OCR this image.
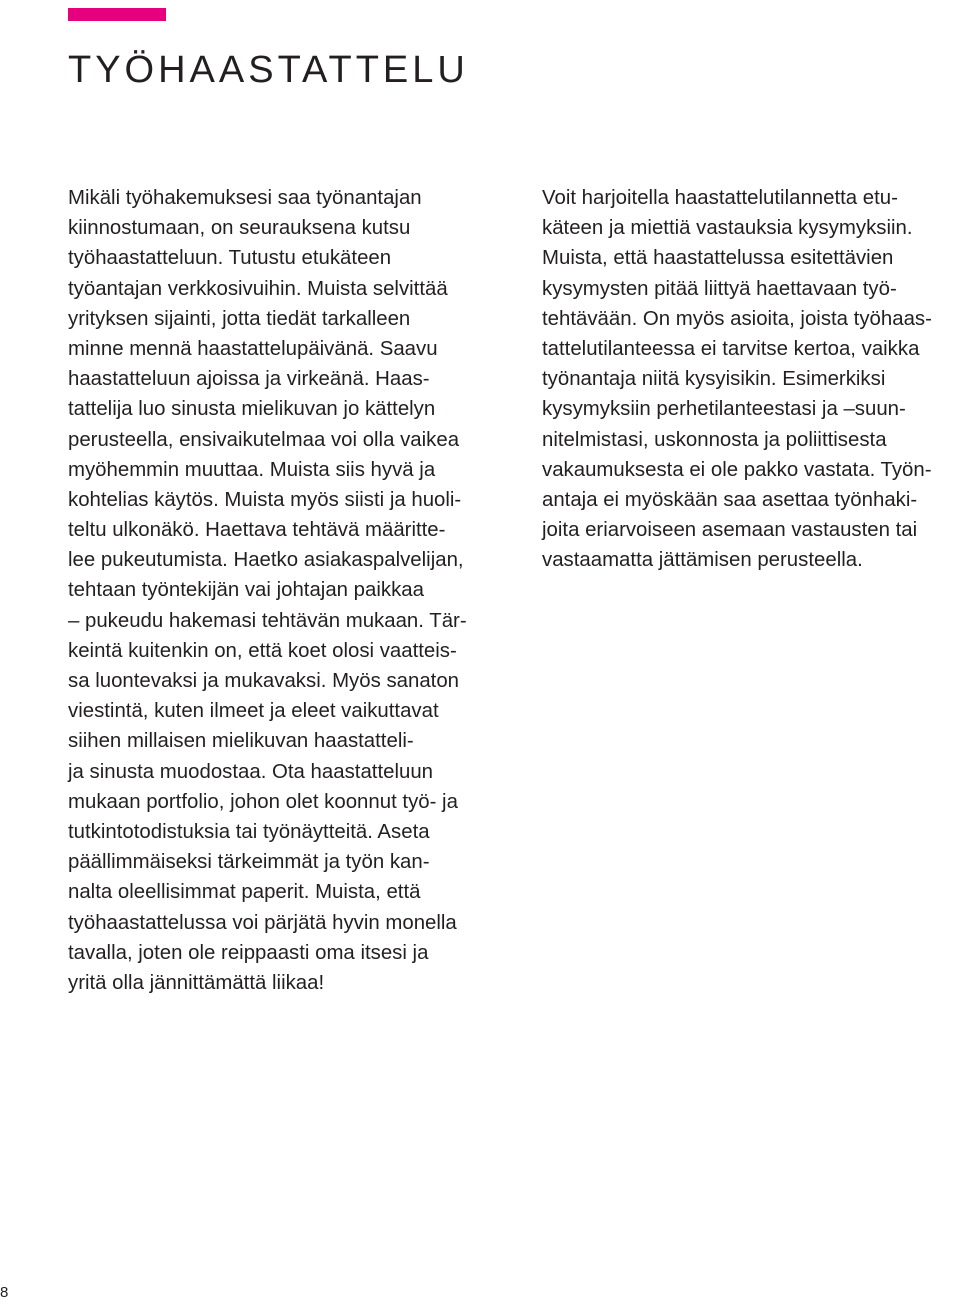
TYÖHAASTATTELU
Mikäli työhakemuksesi saa työnantajan
kiinnostumaan, on seurauksena kutsu
työhaastatteluun. Tutustu etukäteen
työantajan verkkosivuihin. Muista selvittää
yrityksen sijainti, jotta tiedät tarkalleen
minne mennä haastattelupäivänä. Saavu
haastatteluun ajoissa ja virkeänä. Haas-
tattelija luo sinusta mielikuvan jo kättelyn
perusteella, ensivaikutelmaa voi olla vaikea
myöhemmin muuttaa. Muista siis hyvä ja
kohtelias käytös. Muista myös siisti ja huoli-
teltu ulkonäkö. Haettava tehtävä määritte-
lee pukeutumista. Haetko asiakaspalvelijan,
tehtaan työntekijän vai johtajan paikkaa
– pukeudu hakemasi tehtävän mukaan. Tär-
keintä kuitenkin on, että koet olosi vaatteis-
sa luontevaksi ja mukavaksi. Myös sanaton
viestintä, kuten ilmeet ja eleet vaikuttavat
siihen millaisen mielikuvan haastatteli-
ja sinusta muodostaa. Ota haastatteluun
mukaan portfolio, johon olet koonnut työ- ja
tutkintotodistuksia tai työnäytteitä. Aseta
päällimmäiseksi tärkeimmät ja työn kan-
nalta oleellisimmat paperit. Muista, että
työhaastattelussa voi pärjätä hyvin monella
tavalla, joten ole reippaasti oma itsesi ja
yritä olla jännittämättä liikaa!
Voit harjoitella haastattelutilannetta etu-
käteen ja miettiä vastauksia kysymyksiin.
Muista, että haastattelussa esitettävien
kysymysten pitää liittyä haettavaan työ-
tehtävään. On myös asioita, joista työhaas-
tattelutilanteessa ei tarvitse kertoa, vaikka
työnantaja niitä kysyisikin. Esimerkiksi
kysymyksiin perhetilanteestasi ja –suun-
nitelmistasi, uskonnosta ja poliittisesta
vakaumuksesta ei ole pakko vastata. Työn-
antaja ei myöskään saa asettaa työnhaki-
joita eriarvoiseen asemaan vastausten tai
vastaamatta jättämisen perusteella.
8
